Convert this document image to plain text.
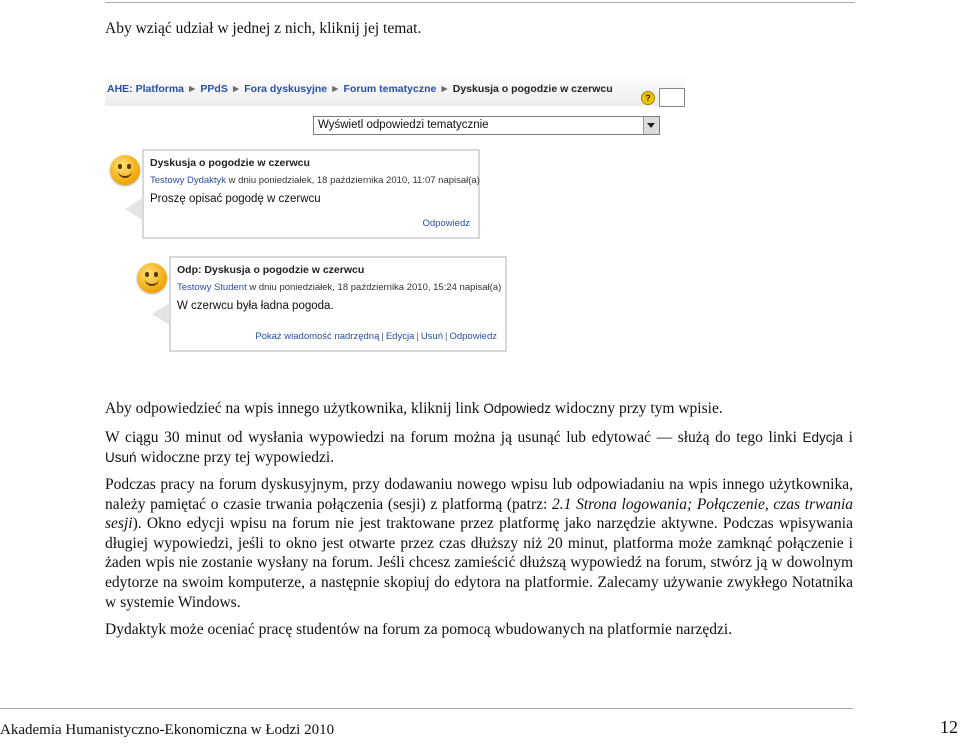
Aby wziąć udział w jednej z nich, kliknij jej temat.

AHE: Platforma ► PPdS ► Fora dyskusyjne ► Forum tematyczne ► Dyskusja o pogodzie w czerwcu
?
Wyświetl odpowiedzi tematycznie
Dyskusja o pogodzie w czerwcu
Testowy Dydaktyk w dniu poniedziałek, 18 października 2010, 11:07 napisał(a)
Proszę opisać pogodę w czerwcu
Odpowiedz
Odp: Dyskusja o pogodzie w czerwcu
Testowy Student w dniu poniedziałek, 18 października 2010, 15:24 napisał(a)
W czerwcu była ładna pogoda.
Pokaż wiadomość nadrzędną | Edycja | Usuń | Odpowiedz

Aby odpowiedzieć na wpis innego użytkownika, kliknij link Odpowiedz widoczny przy tym wpisie.

W ciągu 30 minut od wysłania wypowiedzi na forum można ją usunąć lub edytować — służą do tego linki Edycja i Usuń widoczne przy tej wypowiedzi.

Podczas pracy na forum dyskusyjnym, przy dodawaniu nowego wpisu lub odpowiadaniu na wpis innego użytkownika, należy pamiętać o czasie trwania połączenia (sesji) z platformą (patrz: 2.1 Strona logowania; Połączenie, czas trwania sesji). Okno edycji wpisu na forum nie jest traktowane przez platformę jako narzędzie aktywne. Podczas wpisywania długiej wypowiedzi, jeśli to okno jest otwarte przez czas dłuższy niż 20 minut, platforma może zamknąć połączenie i żaden wpis nie zostanie wysłany na forum. Jeśli chcesz zamieścić dłuższą wypowiedź na forum, stwórz ją w dowolnym edytorze na swoim komputerze, a następnie skopiuj do edytora na platformie. Zalecamy używanie zwykłego Notatnika w systemie Windows.

Dydaktyk może oceniać pracę studentów na forum za pomocą wbudowanych na platformie narzędzi.

Akademia Humanistyczno-Ekonomiczna w Łodzi 2010	12
